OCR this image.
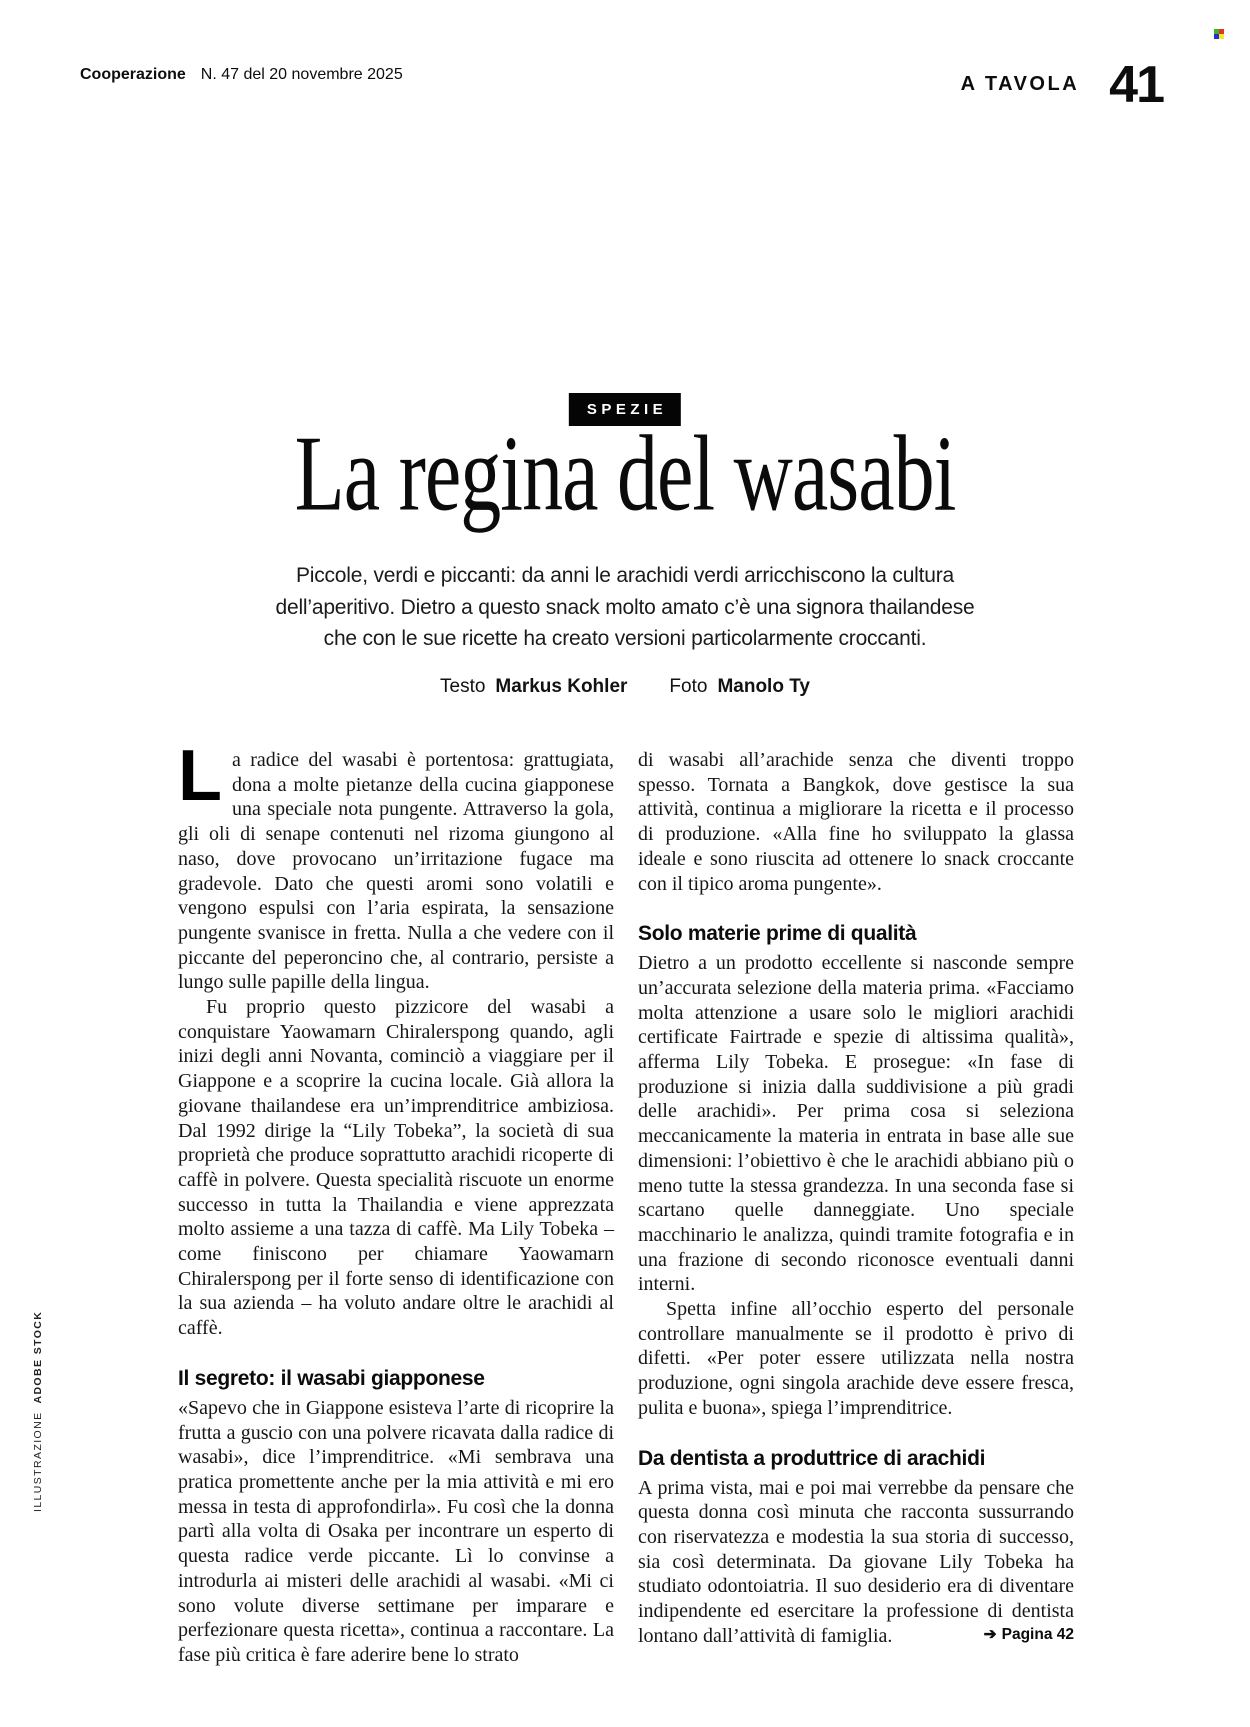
Cooperazione N. 47 del 20 novembre 2025	A TAVOLA 41
SPEZIE
La regina del wasabi
Piccole, verdi e piccanti: da anni le arachidi verdi arricchiscono la cultura
dell’aperitivo. Dietro a questo snack molto amato c’è una signora thailandese
che con le sue ricette ha creato versioni particolarmente croccanti.
Testo Markus Kohler Foto Manolo Ty

La radice del wasabi è portentosa: grattugiata, dona a molte pietanze della cucina giapponese una speciale nota pungente. Attraverso la gola, gli oli di senape contenuti nel rizoma giungono al naso, dove provocano un’irritazione fugace ma gradevole. Dato che questi aromi sono volatili e vengono espulsi con l’aria espirata, la sensazione pungente svanisce in fretta. Nulla a che vedere con il piccante del peperoncino che, al contrario, persiste a lungo sulle papille della lingua.

Fu proprio questo pizzicore del wasabi a conquistare Yaowamarn Chiralerspong quando, agli inizi degli anni Novanta, cominciò a viaggiare per il Giappone e a scoprire la cucina locale. Già allora la giovane thailandese era un’imprenditrice ambiziosa. Dal 1992 dirige la “Lily Tobeka”, la società di sua proprietà che produce soprattutto arachidi ricoperte di caffè in polvere. Questa specialità riscuote un enorme successo in tutta la Thailandia e viene apprezzata molto assieme a una tazza di caffè. Ma Lily Tobeka – come finiscono per chiamare Yaowamarn Chiralerspong per il forte senso di identificazione con la sua azienda – ha voluto andare oltre le arachidi al caffè.

Il segreto: il wasabi giapponese

«Sapevo che in Giappone esisteva l’arte di ricoprire la frutta a guscio con una polvere ricavata dalla radice di wasabi», dice l’imprenditrice. «Mi sembrava una pratica promettente anche per la mia attività e mi ero messa in testa di approfondirla». Fu così che la donna partì alla volta di Osaka per incontrare un esperto di questa radice verde piccante. Lì lo convinse a introdurla ai misteri delle arachidi al wasabi. «Mi ci sono volute diverse settimane per imparare e perfezionare questa ricetta», continua a raccontare. La fase più critica è fare aderire bene lo strato

di wasabi all’arachide senza che diventi troppo spesso. Tornata a Bangkok, dove gestisce la sua attività, continua a migliorare la ricetta e il processo di produzione. «Alla fine ho sviluppato la glassa ideale e sono riuscita ad ottenere lo snack croccante con il tipico aroma pungente».

Solo materie prime di qualità

Dietro a un prodotto eccellente si nasconde sempre un’accurata selezione della materia prima. «Facciamo molta attenzione a usare solo le migliori arachidi certificate Fairtrade e spezie di altissima qualità», afferma Lily Tobeka. E prosegue: «In fase di produzione si inizia dalla suddivisione a più gradi delle arachidi». Per prima cosa si seleziona meccanicamente la materia in entrata in base alle sue dimensioni: l’obiettivo è che le arachidi abbiano più o meno tutte la stessa grandezza. In una seconda fase si scartano quelle danneggiate. Uno speciale macchinario le analizza, quindi tramite fotografia e in una frazione di secondo riconosce eventuali danni interni.

Spetta infine all’occhio esperto del personale controllare manualmente se il prodotto è privo di difetti. «Per poter essere utilizzata nella nostra produzione, ogni singola arachide deve essere fresca, pulita e buona», spiega l’imprenditrice.

Da dentista a produttrice di arachidi

A prima vista, mai e poi mai verrebbe da pensare che questa donna così minuta che racconta sussurrando con riservatezza e modestia la sua storia di successo, sia così determinata. Da giovane Lily Tobeka ha studiato odontoiatria. Il suo desiderio era di diventare indipendente ed esercitare la professione di dentista lontano dall’attività di famiglia.	➔ Pagina 42
ILLUSTRAZIONEADOBE STOCK
